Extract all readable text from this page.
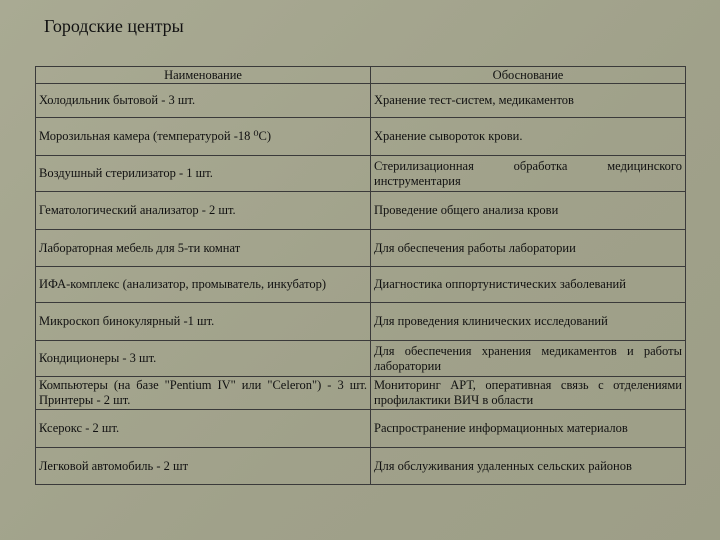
Городские центры
Наименование	Обоснование
Холодильник бытовой - 3 шт.	Хранение тест-систем, медикаментов
Морозильная камера (температурой -18 ⁰С)	Хранение сывороток крови.
Воздушный стерилизатор - 1 шт.	Стерилизационная обработка медицинского инструментария
Гематологический анализатор - 2 шт.	Проведение общего анализа крови
Лабораторная мебель для 5-ти комнат	Для обеспечения работы лаборатории
ИФА-комплекс (анализатор, промыватель, инкубатор)	Диагностика оппортунистических заболеваний
Микроскоп бинокулярный -1 шт.	Для проведения клинических исследований
Кондиционеры - 3 шт.	Для обеспечения хранения медикаментов и работы лаборатории
Компьютеры (на базе "Pentium IV" или "Celeron") - 3 шт. Принтеры - 2 шт.	Мониторинг АРТ, оперативная связь с отделениями профилактики ВИЧ в области
Ксерокс - 2 шт.	Распространение информационных материалов
Легковой автомобиль - 2 шт	Для обслуживания удаленных сельских районов
